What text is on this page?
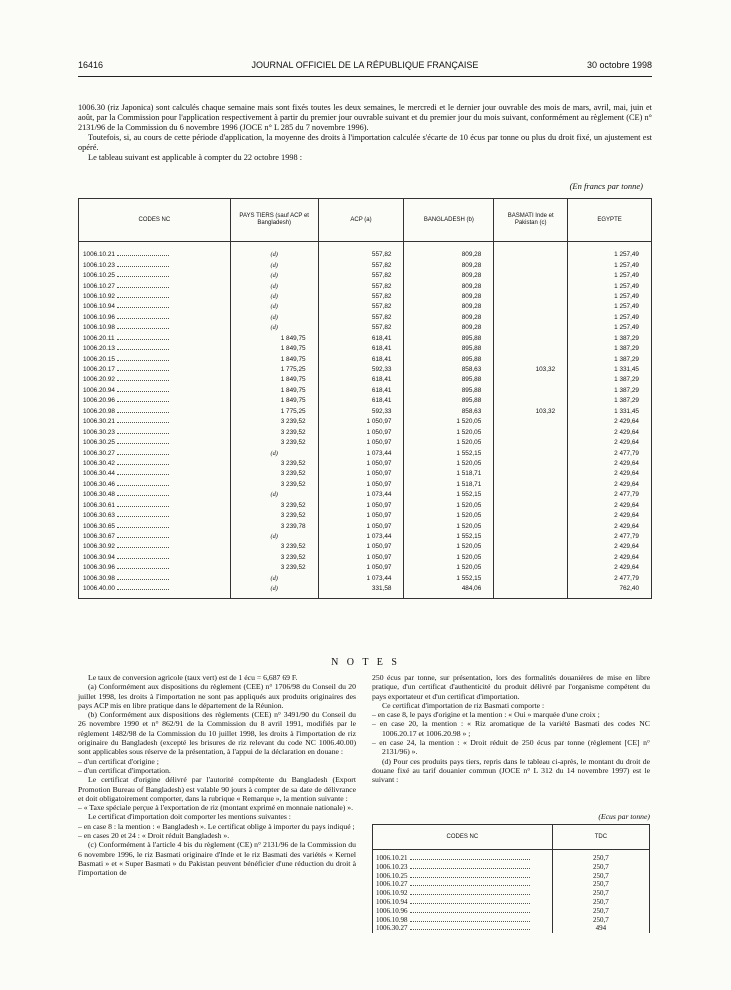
16416	JOURNAL OFFICIEL DE LA RÉPUBLIQUE FRANÇAISE	30 octobre 1998

1006.30 (riz Japonica) sont calculés chaque semaine mais sont fixés toutes les deux semaines, le mercredi et le dernier jour ouvrable des mois de mars, avril, mai, juin et août, par la Commission pour l'application respectivement à partir du premier jour ouvrable suivant et du premier jour du mois suivant, conformément au règlement (CE) n° 2131/96 de la Commission du 6 novembre 1996 (JOCE n° L 285 du 7 novembre 1996).

Toutefois, si, au cours de cette période d'application, la moyenne des droits à l'importation calculée s'écarte de 10 écus par tonne ou plus du droit fixé, un ajustement est opéré.

Le tableau suivant est applicable à compter du 22 octobre 1998 :

(En francs par tonne)
CODES NC	PAYS TIERS (sauf ACP et Bangladesh)	ACP (a)	BANGLADESH (b)	BASMATI Inde et Pakistan (c)	EGYPTE
1006.10.21	(d)	557,82	809,28		1 257,49
1006.10.23	(d)	557,82	809,28		1 257,49
1006.10.25	(d)	557,82	809,28		1 257,49
1006.10.27	(d)	557,82	809,28		1 257,49
1006.10.92	(d)	557,82	809,28		1 257,49
1006.10.94	(d)	557,82	809,28		1 257,49
1006.10.96	(d)	557,82	809,28		1 257,49
1006.10.98	(d)	557,82	809,28		1 257,49
1006.20.11	1 849,75	618,41	895,88		1 387,29
1006.20.13	1 849,75	618,41	895,88		1 387,29
1006.20.15	1 849,75	618,41	895,88		1 387,29
1006.20.17	1 775,25	592,33	858,63	103,32	1 331,45
1006.20.92	1 849,75	618,41	895,88		1 387,29
1006.20.94	1 849,75	618,41	895,88		1 387,29
1006.20.96	1 849,75	618,41	895,88		1 387,29
1006.20.98	1 775,25	592,33	858,63	103,32	1 331,45
1006.30.21	3 239,52	1 050,97	1 520,05		2 429,64
1006.30.23	3 239,52	1 050,97	1 520,05		2 429,64
1006.30.25	3 239,52	1 050,97	1 520,05		2 429,64
1006.30.27	(d)	1 073,44	1 552,15		2 477,79
1006.30.42	3 239,52	1 050,97	1 520,05		2 429,64
1006.30.44	3 239,52	1 050,97	1 518,71		2 429,64
1006.30.46	3 239,52	1 050,97	1 518,71		2 429,64
1006.30.48	(d)	1 073,44	1 552,15		2 477,79
1006.30.61	3 239,52	1 050,97	1 520,05		2 429,64
1006.30.63	3 239,52	1 050,97	1 520,05		2 429,64
1006.30.65	3 239,78	1 050,97	1 520,05		2 429,64
1006.30.67	(d)	1 073,44	1 552,15		2 477,79
1006.30.92	3 239,52	1 050,97	1 520,05		2 429,64
1006.30.94	3 239,52	1 050,97	1 520,05		2 429,64
1006.30.96	3 239,52	1 050,97	1 520,05		2 429,64
1006.30.98	(d)	1 073,44	1 552,15		2 477,79
1006.40.00	(d)	331,58	484,06		762,40
N O T E S

Le taux de conversion agricole (taux vert) est de 1 écu = 6,687 69 F.

(a) Conformément aux dispositions du règlement (CEE) n° 1706/98 du Conseil du 20 juillet 1998, les droits à l'importation ne sont pas appliqués aux produits originaires des pays ACP mis en libre pratique dans le département de la Réunion.

(b) Conformément aux dispositions des règlements (CEE) n° 3491/90 du Conseil du 26 novembre 1990 et n° 862/91 de la Commission du 8 avril 1991, modifiés par le règlement 1482/98 de la Commission du 10 juillet 1998, les droits à l'importation de riz originaire du Bangladesh (excepté les brisures de riz relevant du code NC 1006.40.00) sont applicables sous réserve de la présentation, à l'appui de la déclaration en douane :

– d'un certificat d'origine ;

– d'un certificat d'importation.

Le certificat d'origine délivré par l'autorité compétente du Bangladesh (Export Promotion Bureau of Bangladesh) est valable 90 jours à compter de sa date de délivrance et doit obligatoirement comporter, dans la rubrique « Remarque », la mention suivante :

– « Taxe spéciale perçue à l'exportation de riz (montant exprimé en monnaie nationale) ».

Le certificat d'importation doit comporter les mentions suivantes :

– en case 8 : la mention : « Bangladesh ». Le certificat oblige à importer du pays indiqué ;

– en cases 20 et 24 : « Droit réduit Bangladesh ».

(c) Conformément à l'article 4 bis du règlement (CE) n° 2131/96 de la Commission du 6 novembre 1996, le riz Basmati originaire d'Inde et le riz Basmati des variétés « Kernel Basmati » et « Super Basmati » du Pakistan peuvent bénéficier d'une réduction du droit à l'importation de

250 écus par tonne, sur présentation, lors des formalités douanières de mise en libre pratique, d'un certificat d'authenticité du produit délivré par l'organisme compétent du pays exportateur et d'un certificat d'importation.

Ce certificat d'importation de riz Basmati comporte :

– en case 8, le pays d'origine et la mention : « Oui » marquée d'une croix ;

– en case 20, la mention : « Riz aromatique de la variété Basmati des codes NC 1006.20.17 et 1006.20.98 » ;

– en case 24, la mention : « Droit réduit de 250 écus par tonne (règlement [CE] n° 2131/96) ».

(d) Pour ces produits pays tiers, repris dans le tableau ci-après, le montant du droit de douane fixé au tarif douanier commun (JOCE n° L 312 du 14 novembre 1997) est le suivant :

(Ecus par tonne)
CODES NC	TDC
1006.10.21	250,7
1006.10.23	250,7
1006.10.25	250,7
1006.10.27	250,7
1006.10.92	250,7
1006.10.94	250,7
1006.10.96	250,7
1006.10.98	250,7
1006.30.27	494
